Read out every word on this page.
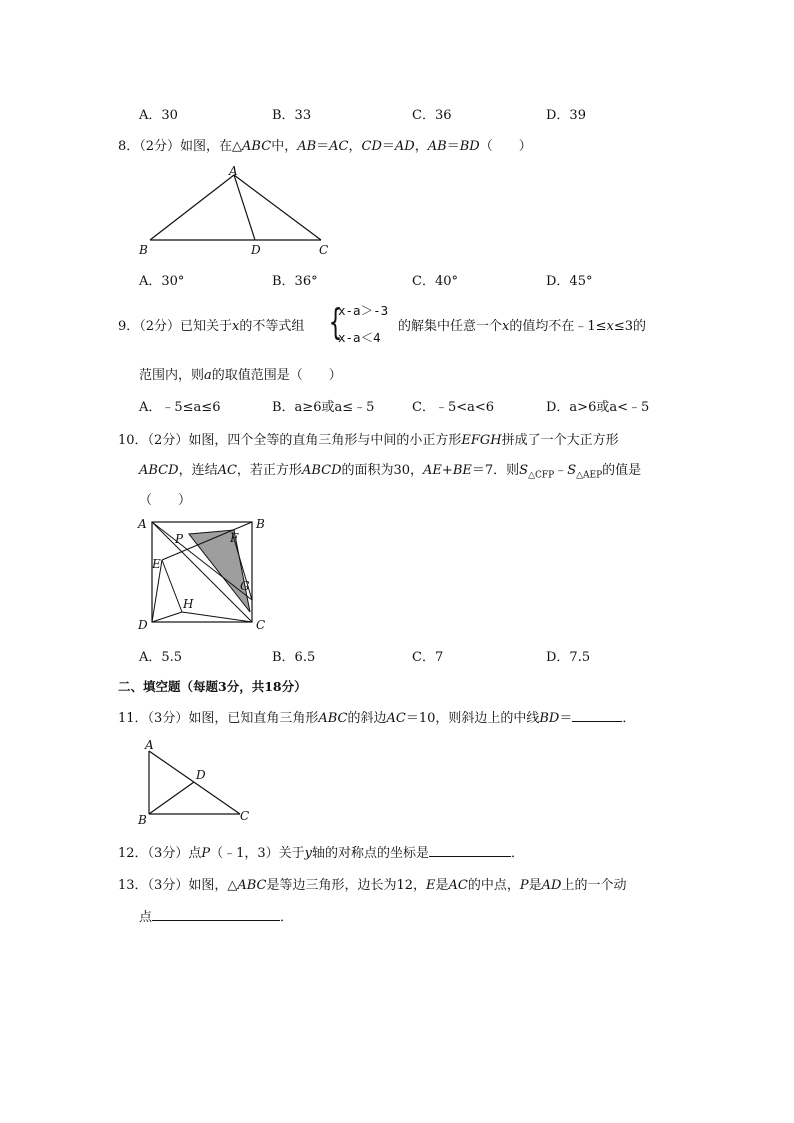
A．30	B．33	C．36	D．39
8．（2分）如图，在△ABC中，AB＝AC，CD＝AD，AB＝BD（　　）
A
B	D	C
A．30°	B．36°	C．40°	D．45°
9．（2分）已知关于x的不等式组 {
x-a＞-3
x-a＜4
的解集中任意一个x的值均不在﹣1≤x≤3的
范围内，则a的取值范围是（　　）
A．﹣5≤a≤6	B．a≥6或a≤﹣5	C．﹣5<a<6	D．a>6或a<﹣5
10．（2分）如图，四个全等的直角三角形与中间的小正方形EFGH拼成了一个大正方形
ABCD，连结AC，若正方形ABCD的面积为30，AE+BE＝7．则$S_{\triangle CFP}﹣S_{\triangle AEP}$的值是
（　　）
A	B
D	C
E
F
G
H
P
A．5.5	B．6.5	C．7	D．7.5
二、填空题（每题3分，共18分）
11．（3分）如图，已知直角三角形ABC的斜边AC＝10，则斜边上的中线BD＝	．
A
B	C
D
12．（3分）点P（﹣1，3）关于y轴的对称点的坐标是	．
13．（3分）如图，△ABC是等边三角形，边长为12，E是AC的中点，P是AD上的一个动
点	．
